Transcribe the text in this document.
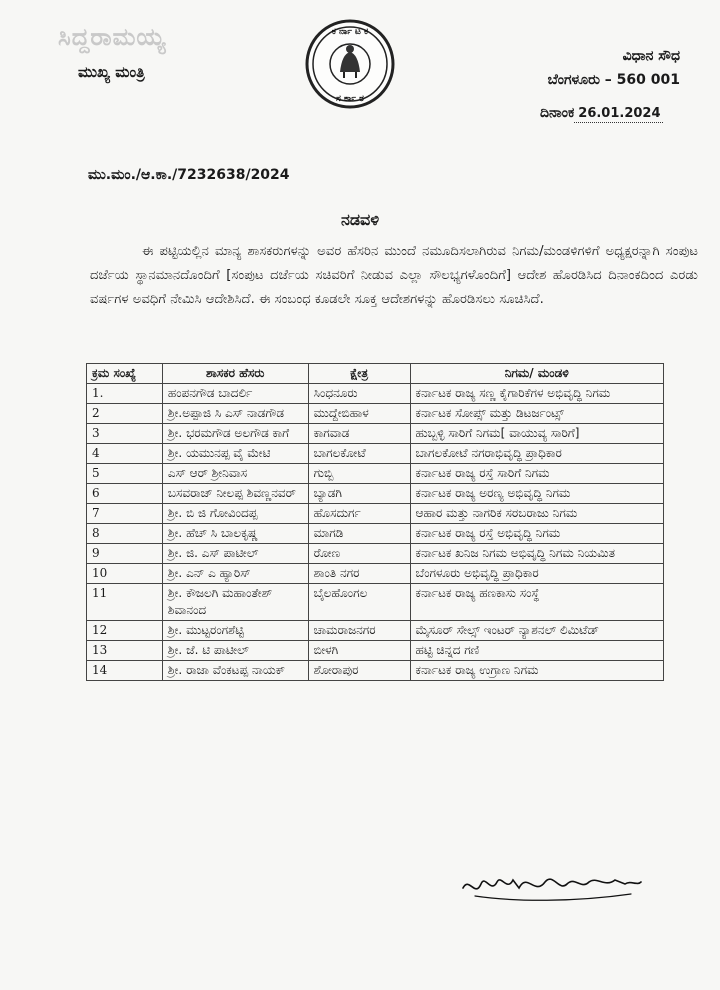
ಸಿದ್ದರಾಮಯ್ಯ
ಮುಖ್ಯ ಮಂತ್ರಿ
ಕ ರ್ನಾ ಟ ಕ
ಸ ರ್ಕಾ ರ
ವಿಧಾನ ಸೌಧ
ಬೆಂಗಳೂರು – 560 001
ದಿನಾಂಕ 26.01.2024
ಮು.ಮಂ./ಆ.ಕಾ./7232638/2024
ನಡವಳಿ
ಈ ಪಟ್ಟಿಯಲ್ಲಿನ ಮಾನ್ಯ ಶಾಸಕರುಗಳನ್ನು ಅವರ ಹೆಸರಿನ ಮುಂದೆ ನಮೂದಿಸಲಾಗಿರುವ ನಿಗಮ/ಮಂಡಳಿಗಳಿಗೆ ಅಧ್ಯಕ್ಷರನ್ನಾಗಿ ಸಂಪುಟ ದರ್ಜೆಯ ಸ್ಥಾನಮಾನದೊಂದಿಗೆ [ಸಂಪುಟ ದರ್ಜೆಯ ಸಚಿವರಿಗೆ ನೀಡುವ ಎಲ್ಲಾ ಸೌಲಭ್ಯಗಳೊಂದಿಗೆ] ಆದೇಶ ಹೊರಡಿಸಿದ ದಿನಾಂಕದಿಂದ ಎರಡು ವರ್ಷಗಳ ಅವಧಿಗೆ ನೇಮಿಸಿ ಆದೇಶಿಸಿದೆ. ಈ ಸಂಬಂಧ ಕೂಡಲೇ ಸೂಕ್ತ ಆದೇಶಗಳನ್ನು ಹೊರಡಿಸಲು ಸೂಚಿಸಿದೆ.
ಕ್ರಮ ಸಂಖ್ಯೆ	ಶಾಸಕರ ಹೆಸರು	ಕ್ಷೇತ್ರ	ನಿಗಮ/ ಮಂಡಳಿ
1.	ಹಂಪನಗೌಡ ಬಾದರ್ಲಿ	ಸಿಂಧನೂರು	ಕರ್ನಾಟಕ ರಾಜ್ಯ ಸಣ್ಣ ಕೈಗಾರಿಕೆಗಳ ಅಭಿವೃದ್ಧಿ ನಿಗಮ
2	ಶ್ರೀ.ಅಪ್ಪಾಜಿ ಸಿ ಎಸ್ ನಾಡಗೌಡ	ಮುದ್ದೇಬಿಹಾಳ	ಕರ್ನಾಟಕ ಸೋಪ್ಸ್ ಮತ್ತು ಡಿಟರ್ಜಂಟ್ಸ್
3	ಶ್ರೀ. ಭರಮಗೌಡ ಅಲಗೌಡ ಕಾಗೆ	ಕಾಗವಾಡ	ಹುಬ್ಬಳ್ಳಿ ಸಾರಿಗೆ ನಿಗಮ[ ವಾಯುವ್ಯ ಸಾರಿಗೆ]
4	ಶ್ರೀ. ಯಮುನಪ್ಪ ವೈ ಮೇಟಿ	ಬಾಗಲಕೋಟೆ	ಬಾಗಲಕೋಟೆ ನಗರಾಭಿವೃದ್ಧಿ ಪ್ರಾಧಿಕಾರ
5	ಎಸ್ ಆರ್ ಶ್ರೀನಿವಾಸ	ಗುಬ್ಬಿ	ಕರ್ನಾಟಕ ರಾಜ್ಯ ರಸ್ತೆ ಸಾರಿಗೆ ನಿಗಮ
6	ಬಸವರಾಜ್ ನೀಲಪ್ಪ ಶಿವಣ್ಣನವರ್	ಬ್ಯಾಡಗಿ	ಕರ್ನಾಟಕ ರಾಜ್ಯ ಅರಣ್ಯ ಅಭಿವೃದ್ಧಿ ನಿಗಮ
7	ಶ್ರೀ. ಬಿ ಜಿ ಗೋವಿಂದಪ್ಪ	ಹೊಸದುರ್ಗ	ಆಹಾರ ಮತ್ತು ನಾಗರಿಕ ಸರಬರಾಜು ನಿಗಮ
8	ಶ್ರೀ. ಹೆಚ್ ಸಿ ಬಾಲಕೃಷ್ಣ	ಮಾಗಡಿ	ಕರ್ನಾಟಕ ರಾಜ್ಯ ರಸ್ತೆ ಅಭಿವೃದ್ಧಿ ನಿಗಮ
9	ಶ್ರೀ. ಜಿ. ಎಸ್ ಪಾಟೀಲ್	ರೋಣ	ಕರ್ನಾಟಕ ಖನಿಜ ನಿಗಮ ಅಭಿವೃದ್ಧಿ ನಿಗಮ ನಿಯಮಿತ
10	ಶ್ರೀ. ಎನ್ ಎ ಹ್ಯಾರಿಸ್	ಶಾಂತಿ ನಗರ	ಬೆಂಗಳೂರು ಅಭಿವೃದ್ಧಿ ಪ್ರಾಧಿಕಾರ
11	ಶ್ರೀ. ಕೌಜಲಗಿ ಮಹಾಂತೇಶ್ ಶಿವಾನಂದ	ಬೈಲಹೊಂಗಲ	ಕರ್ನಾಟಕ ರಾಜ್ಯ ಹಣಕಾಸು ಸಂಸ್ಥೆ
12	ಶ್ರೀ. ಮುಟ್ಟರಂಗಶೆಟ್ಟಿ	ಚಾಮರಾಜನಗರ	ಮೈಸೂರ್ ಸೇಲ್ಸ್ ಇಂಟರ್ ನ್ಯಾಶನಲ್ ಲಿಮಿಟೆಡ್
13	ಶ್ರೀ. ಜೆ. ಟಿ ಪಾಟೀಲ್	ಬೀಳಗಿ	ಹಟ್ಟಿ ಚಿನ್ನದ ಗಣಿ
14	ಶ್ರೀ. ರಾಜಾ ವೆಂಕಟಪ್ಪ ನಾಯಕ್	ಶೋರಾಪುರ	ಕರ್ನಾಟಕ ರಾಜ್ಯ ಉಗ್ರಾಣ ನಿಗಮ
